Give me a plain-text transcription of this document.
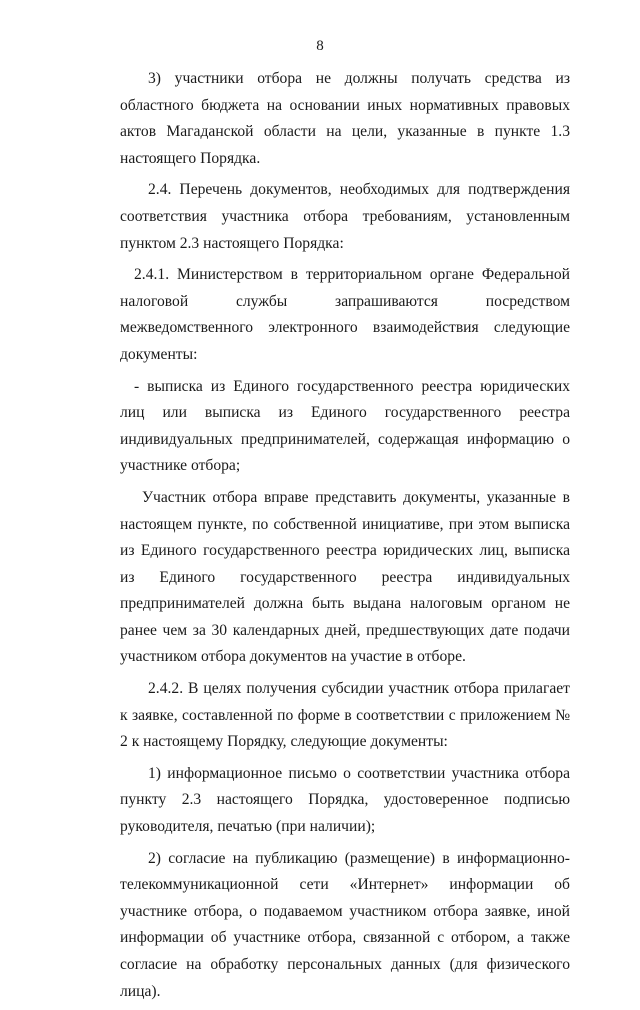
8

3) участники отбора не должны получать средства из областного бюджета на основании иных нормативных правовых актов Магаданской области на цели, указанные в пункте 1.3 настоящего Порядка.

2.4. Перечень документов, необходимых для подтверждения соответствия участника отбора требованиям, установленным пунктом 2.3 настоящего Порядка:

2.4.1. Министерством в территориальном органе Федеральной налоговой службы запрашиваются посредством межведомственного электронного взаимодействия следующие документы:

- выписка из Единого государственного реестра юридических лиц или выписка из Единого государственного реестра индивидуальных предпринимателей, содержащая информацию о участнике отбора;

Участник отбора вправе представить документы, указанные в настоящем пункте, по собственной инициативе, при этом выписка из Единого государственного реестра юридических лиц, выписка из Единого государственного реестра индивидуальных предпринимателей должна быть выдана налоговым органом не ранее чем за 30 календарных дней, предшествующих дате подачи участником отбора документов на участие в отборе.

2.4.2. В целях получения субсидии участник отбора прилагает к заявке, составленной по форме в соответствии с приложением № 2 к настоящему Порядку, следующие документы:

1) информационное письмо о соответствии участника отбора пункту 2.3 настоящего Порядка, удостоверенное подписью руководителя, печатью (при наличии);

2) согласие на публикацию (размещение) в информационно-телекоммуникационной сети «Интернет» информации об участнике отбора, о подаваемом участником отбора заявке, иной информации об участнике отбора, связанной с отбором, а также согласие на обработку персональных данных (для физического лица).
